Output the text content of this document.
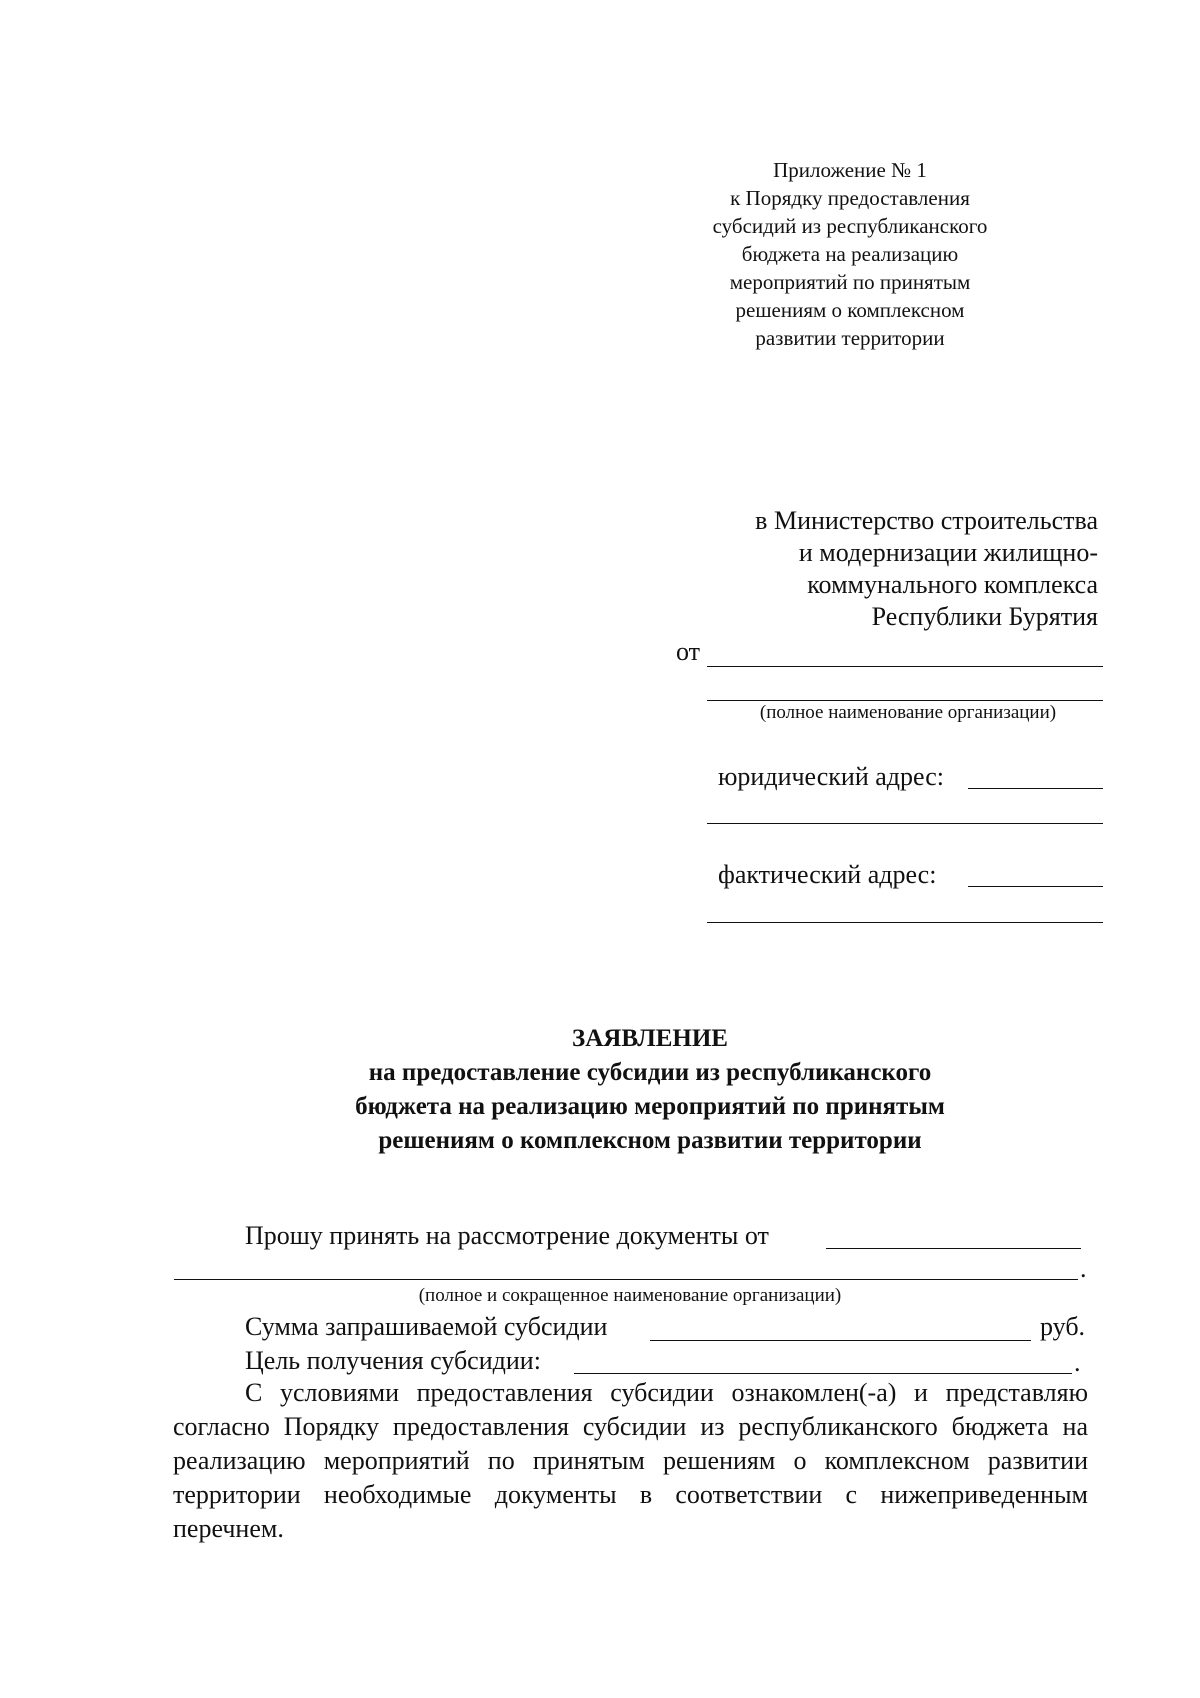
Приложение № 1
к Порядку предоставления
субсидий из республиканского
бюджета на реализацию
мероприятий по принятым
решениям о комплексном
развитии территории
в Министерство строительства
и модернизации жилищно-
коммунального комплекса
Республики Бурятия
от
(полное наименование организации)
юридический адрес:
фактический адрес:
ЗАЯВЛЕНИЕ
на предоставление субсидии из республиканского
бюджета на реализацию мероприятий по принятым
решениям о комплексном развитии территории
Прошу принять на рассмотрение документы от
.
(полное и сокращенное наименование организации)
Сумма запрашиваемой субсидии	руб.
Цель получения субсидии:	.
С условиями предоставления субсидии ознакомлен(-а) и представляю согласно Порядку предоставления субсидии из республиканского бюджета на реализацию мероприятий по принятым решениям о комплексном развитии территории необходимые документы в соответствии с нижеприведенным перечнем.
